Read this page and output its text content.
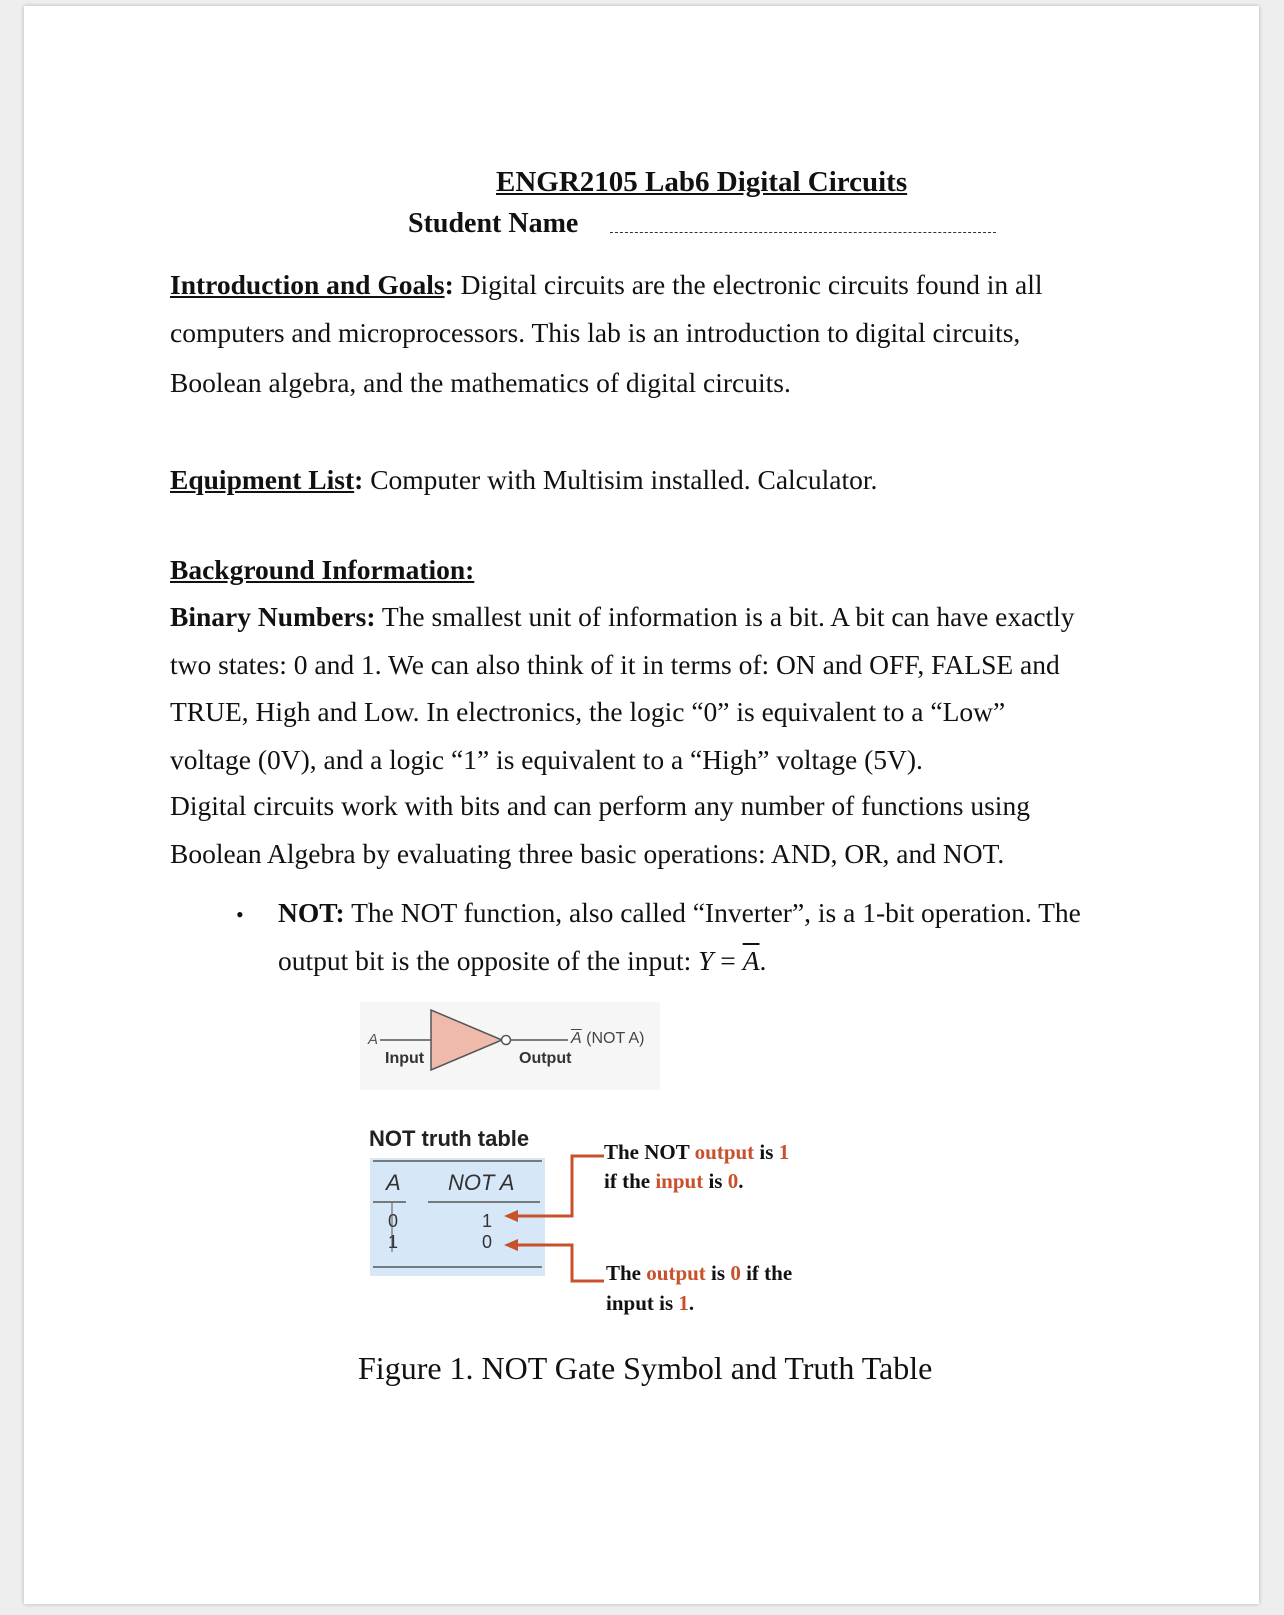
ENGR2105 Lab6 Digital Circuits
Student Name
Introduction and Goals: Digital circuits are the electronic circuits found in all
computers and microprocessors. This lab is an introduction to digital circuits,
Boolean algebra, and the mathematics of digital circuits.
Equipment List: Computer with Multisim installed. Calculator.
Background Information:
Binary Numbers: The smallest unit of information is a bit. A bit can have exactly
two states: 0 and 1. We can also think of it in terms of: ON and OFF, FALSE and
TRUE, High and Low. In electronics, the logic “0” is equivalent to a “Low”
voltage (0V), and a logic “1” is equivalent to a “High” voltage (5V).
Digital circuits work with bits and can perform any number of functions using
Boolean Algebra by evaluating three basic operations: AND, OR, and NOT.
• NOT: The NOT function, also called “Inverter”, is a 1-bit operation. The
output bit is the opposite of the input: $Y = \overline{A}$.
A
Input	Output
$\overline{A}$ (NOT A)
NOT truth table
A NOT A
0
1
1
0
The NOT output is 1
if the input is 0.
The output is 0 if the
input is 1.
Figure 1. NOT Gate Symbol and Truth Table
